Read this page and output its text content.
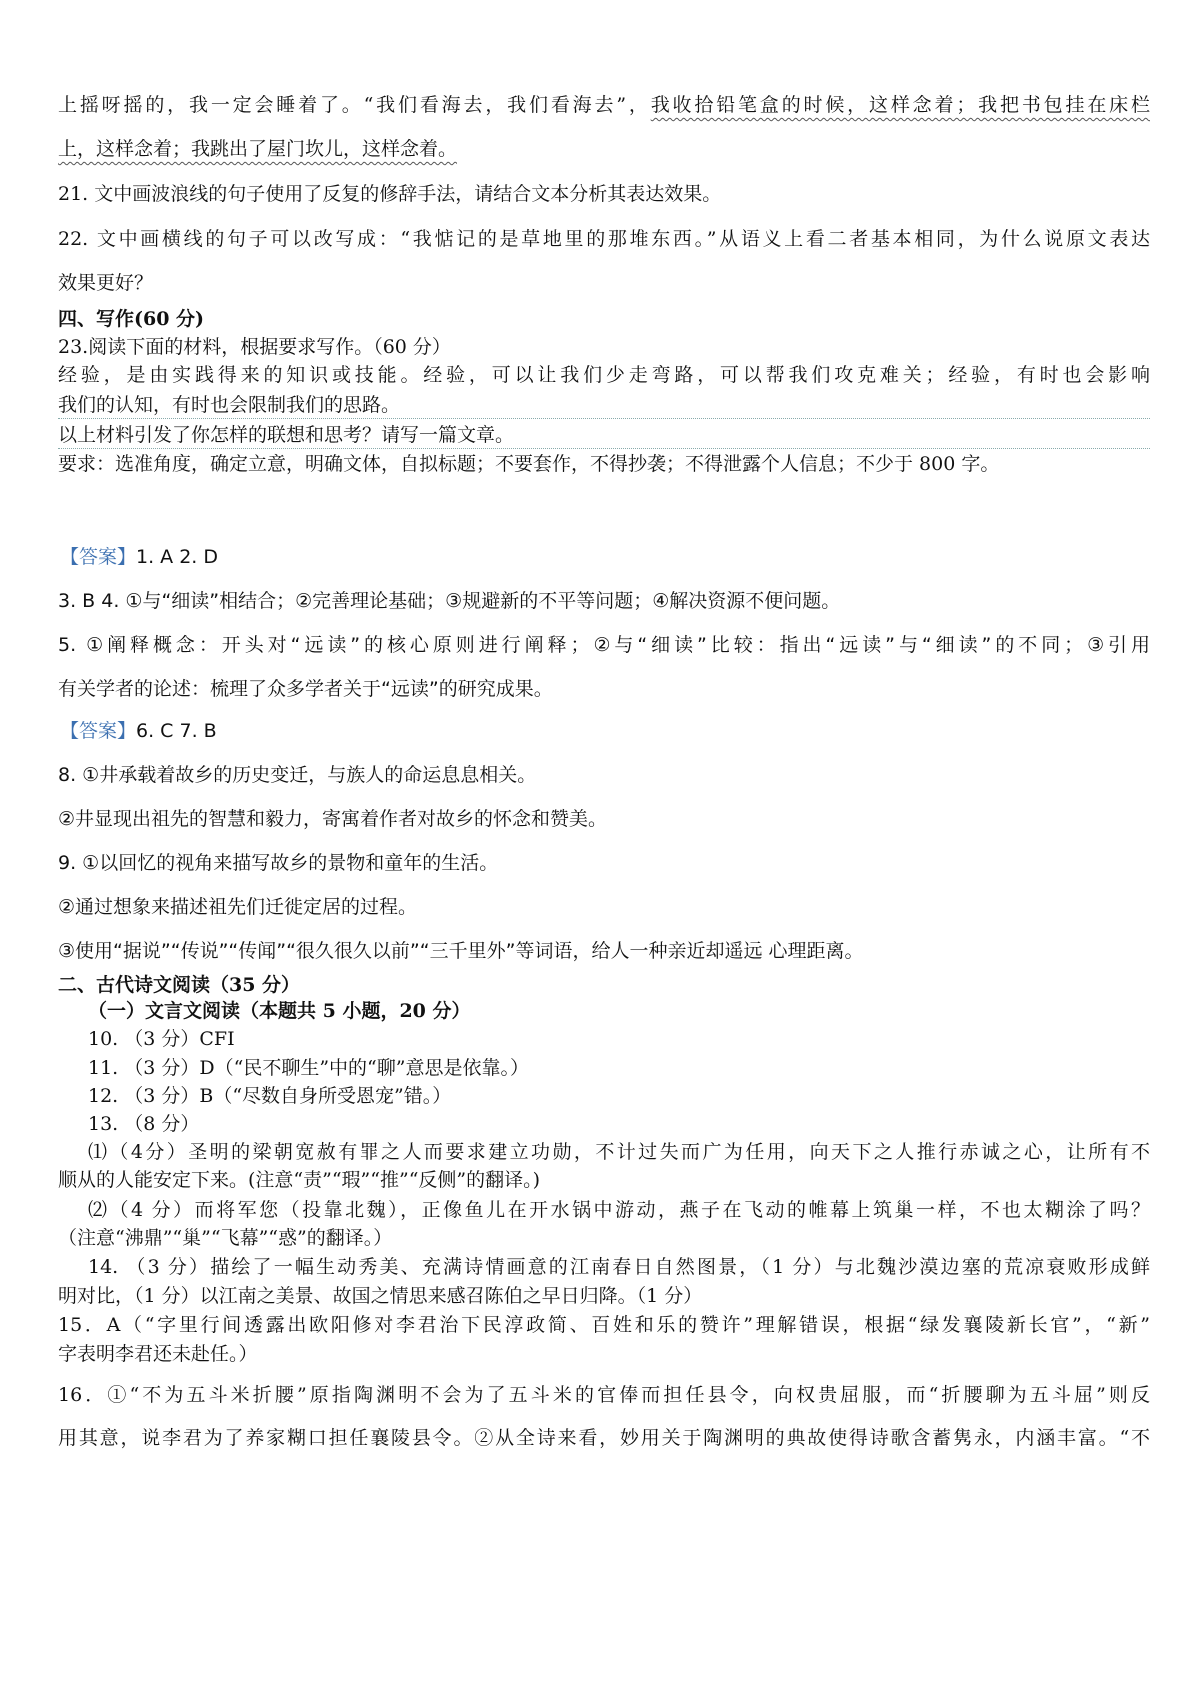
上摇呀摇的，我一定会睡着了。“我们看海去，我们看海去”，我收拾铅笔盒的时候，这样念着；我把书包挂在床栏
上，这样念着；我跳出了屋门坎儿，这样念着。
21. 文中画波浪线的句子使用了反复的修辞手法，请结合文本分析其表达效果。
22. 文中画横线的句子可以改写成：“我惦记的是草地里的那堆东西。”从语义上看二者基本相同，为什么说原文表达
效果更好？
四、写作(60 分)
23.阅读下面的材料，根据要求写作。（60 分）
经验，是由实践得来的知识或技能。经验，可以让我们少走弯路，可以帮我们攻克难关；经验，有时也会影响
我们的认知，有时也会限制我们的思路。
以上材料引发了你怎样的联想和思考？请写一篇文章。
要求：选准角度，确定立意，明确文体，自拟标题；不要套作，不得抄袭；不得泄露个人信息；不少于 800 字。
【答案】1. A 2. D
3. B 4. ①与“细读”相结合；②完善理论基础；③规避新的不平等问题；④解决资源不便问题。
5. ①阐释概念：开头对“远读”的核心原则进行阐释；②与“细读”比较：指出“远读”与“细读”的不同；③引用
有关学者的论述：梳理了众多学者关于“远读”的研究成果。
【答案】6. C 7. B
8. ①井承载着故乡的历史变迁，与族人的命运息息相关。
②井显现出祖先的智慧和毅力，寄寓着作者对故乡的怀念和赞美。
9. ①以回忆的视角来描写故乡的景物和童年的生活。
②通过想象来描述祖先们迁徙定居的过程。
③使用“据说”“传说”“传闻”“很久很久以前”“三千里外”等词语，给人一种亲近却遥远 心理距离。
二、古代诗文阅读（35 分）
（一）文言文阅读（本题共 5 小题，20 分）
10. （3 分）CFI
11. （3 分）D（“民不聊生”中的“聊”意思是依靠。）
12. （3 分）B（“尽数自身所受恩宠”错。）
13. （8 分）
⑴（4分）圣明的梁朝宽赦有罪之人而要求建立功勋，不计过失而广为任用，向天下之人推行赤诚之心，让所有不
顺从的人能安定下来。(注意“责”“瑕”“推”“反侧”的翻译。)
⑵（4 分）而将军您（投靠北魏），正像鱼儿在开水锅中游动，燕子在飞动的帷幕上筑巢一样，不也太糊涂了吗？
（注意“沸鼎”“巢”“飞幕”“惑”的翻译。）
14. （3 分）描绘了一幅生动秀美、充满诗情画意的江南春日自然图景，（1 分）与北魏沙漠边塞的荒凉衰败形成鲜
明对比，（1 分）以江南之美景、故国之情思来感召陈伯之早日归降。（1 分）
15．A（“字里行间透露出欧阳修对李君治下民淳政简、百姓和乐的赞许”理解错误，根据“绿发襄陵新长官”，“新”
字表明李君还未赴任。）
16．①“不为五斗米折腰”原指陶渊明不会为了五斗米的官俸而担任县令，向权贵屈服，而“折腰聊为五斗屈”则反
用其意，说李君为了养家糊口担任襄陵县令。②从全诗来看，妙用关于陶渊明的典故使得诗歌含蓄隽永，内涵丰富。“不
